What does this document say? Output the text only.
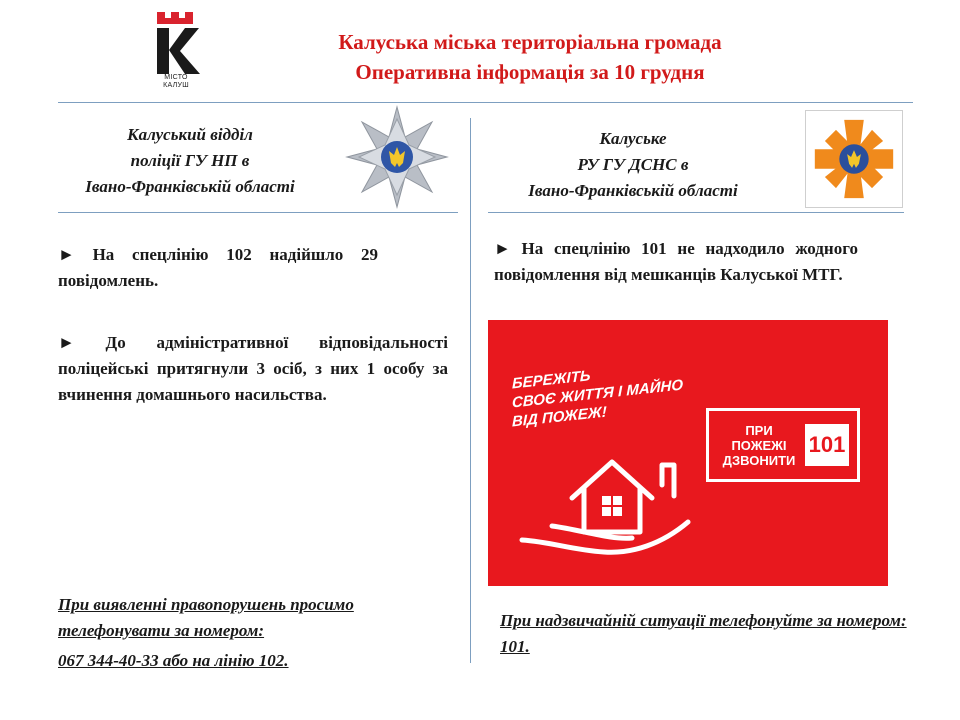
МІСТО
КАЛУШ
Калуська міська територіальна громада
Оперативна інформація за 10 грудня
Калуський відділ
поліції ГУ НП в
Івано-Франківській області
► На спецлінію 102 надійшло 29 повідомлень.
► До адміністративної відповідальності поліцейські притягнули 3 осіб, з них 1 особу за вчинення домашнього насильства.
При виявленні правопорушень просимо телефонувати за номером:
067 344-40-33 або на лінію 102.
Калуське
РУ ГУ ДСНС в
Івано-Франківській області
► На спецлінію 101 не надходило жодного повідомлення від мешканців Калуської МТГ.
БЕРЕЖІТЬ
СВОЄ ЖИТТЯ І МАЙНО
ВІД ПОЖЕЖ!
ПРИ
ПОЖЕЖІ
ДЗВОНИТИ
101
При надзвичайній ситуації телефонуйте за номером: 101.
